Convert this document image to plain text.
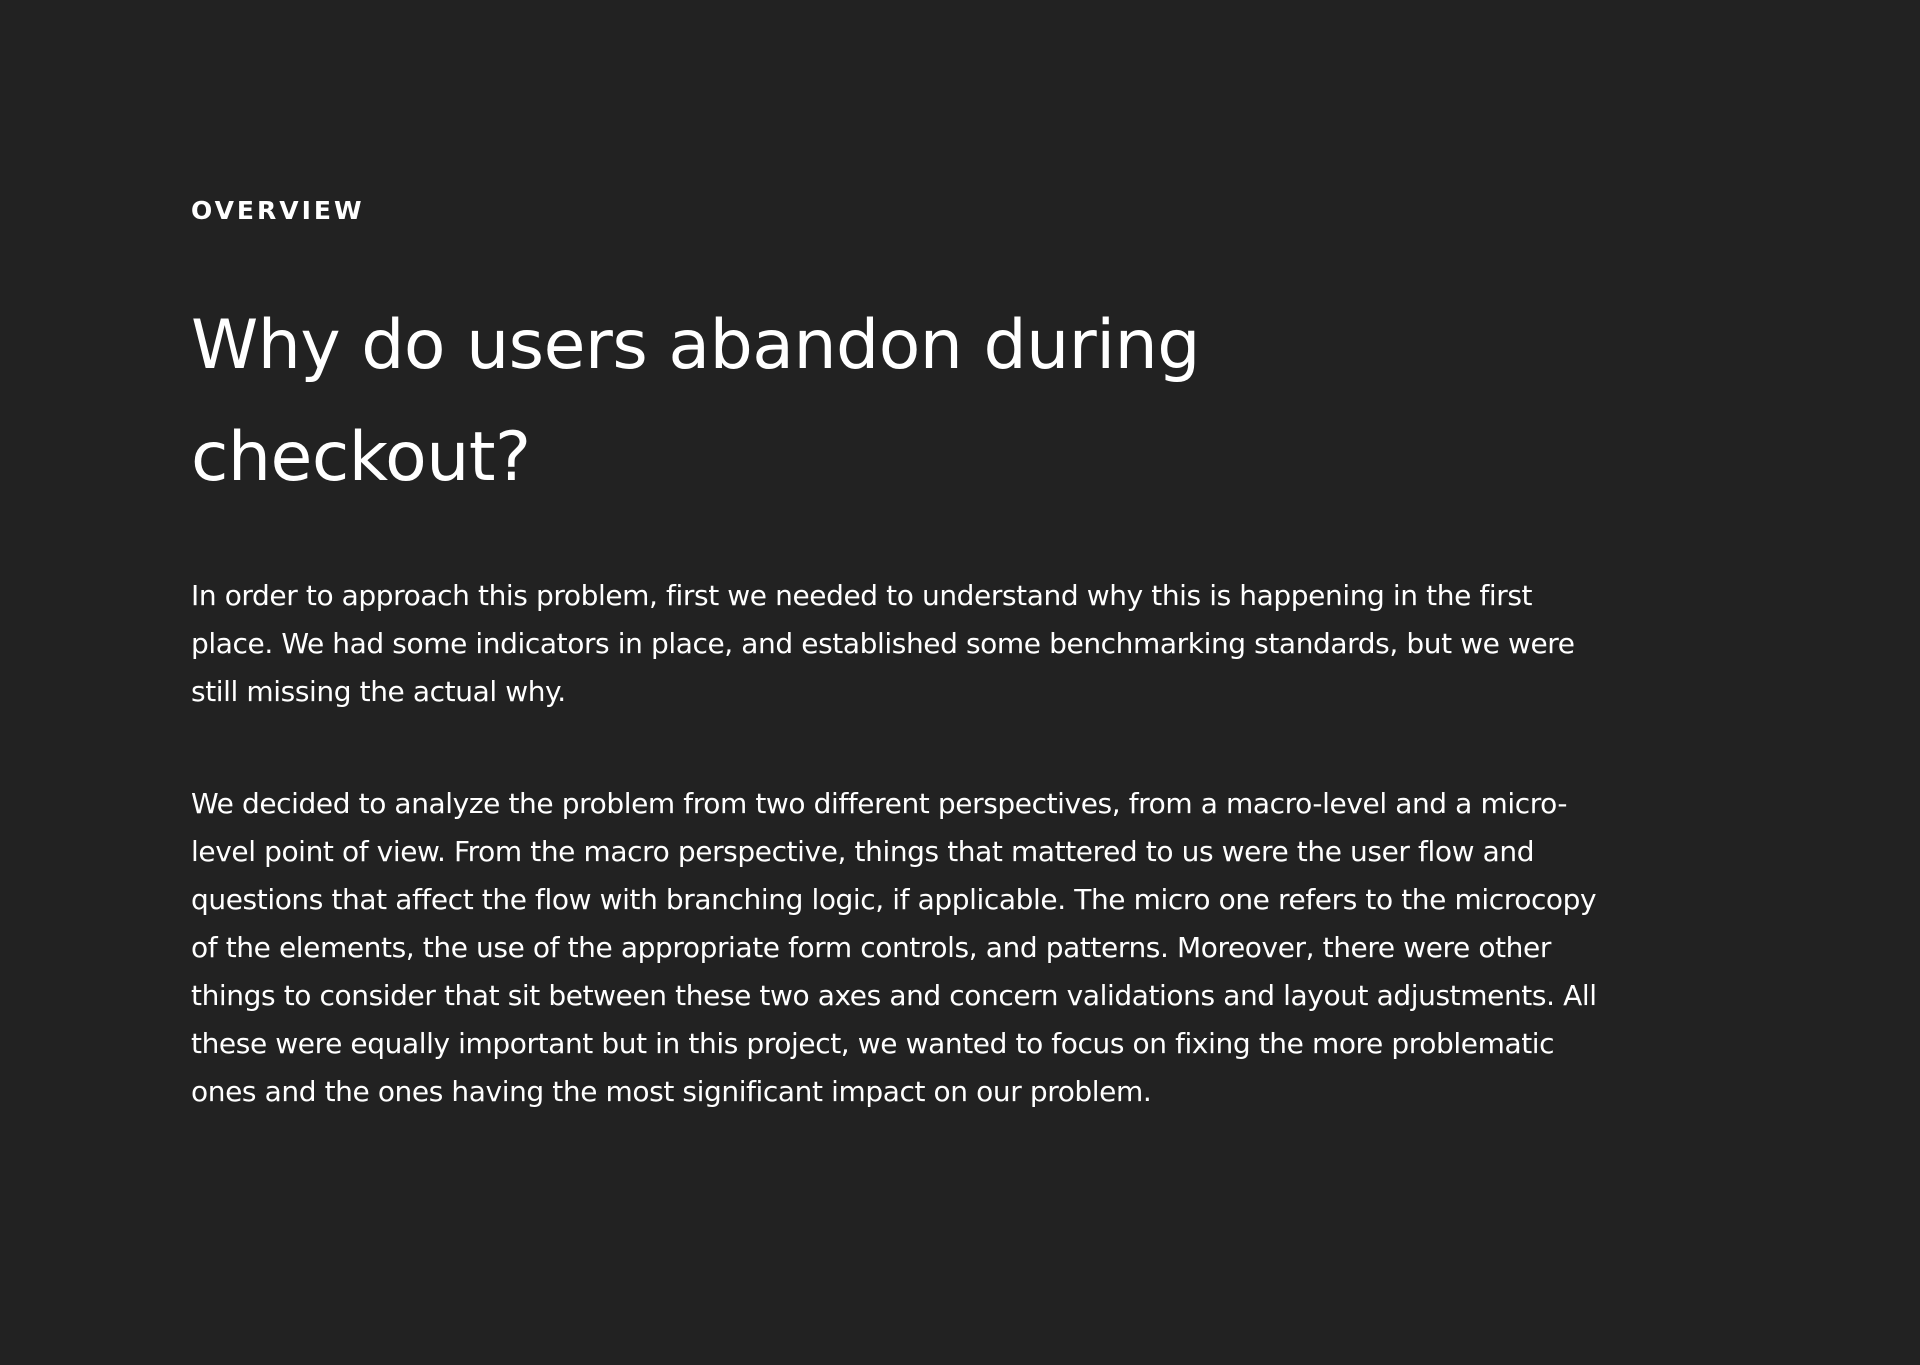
OVERVIEW
Why do users abandon during checkout?

In order to approach this problem, first we needed to understand why this is happening in the first place. We had some indicators in place, and established some benchmarking standards, but we were still missing the actual why.

We decided to analyze the problem from two different perspectives, from a macro-level and a micro-level point of view. From the macro perspective, things that mattered to us were the user flow and questions that affect the flow with branching logic, if applicable. The micro one refers to the microcopy of the elements, the use of the appropriate form controls, and patterns. Moreover, there were other things to consider that sit between these two axes and concern validations and layout adjustments. All these were equally important but in this project, we wanted to focus on fixing the more problematic ones and the ones having the most significant impact on our problem.
